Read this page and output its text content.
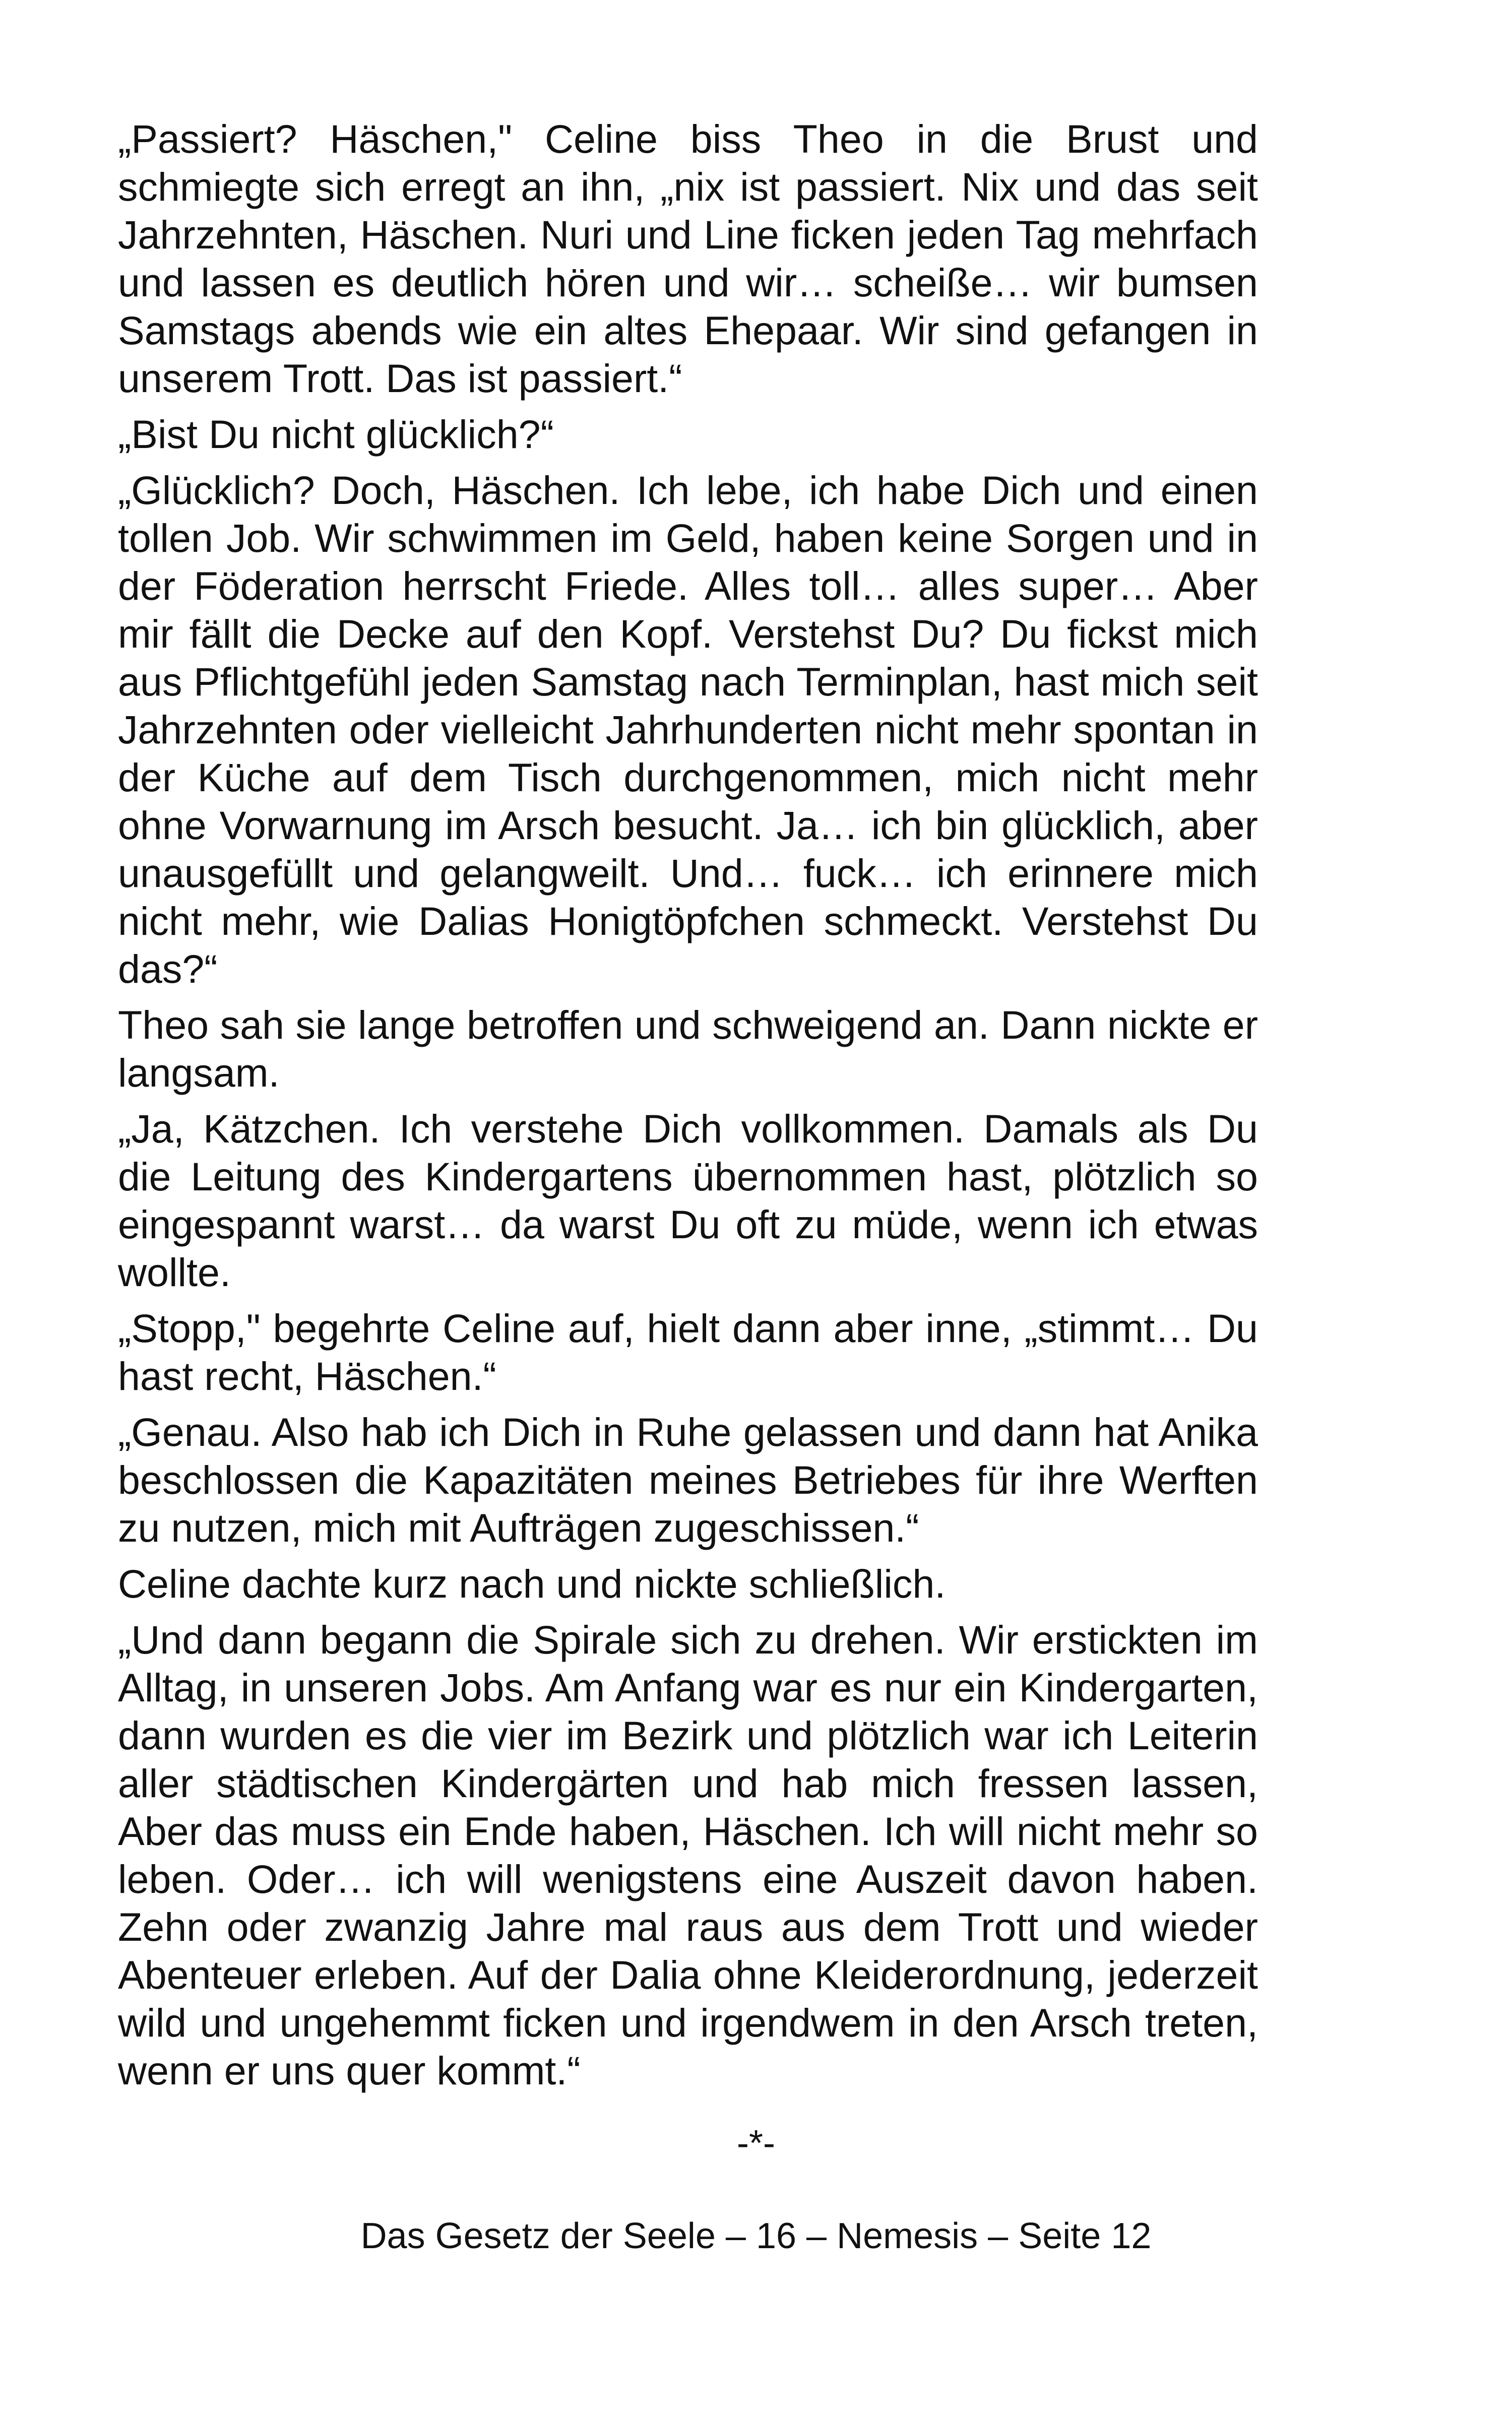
„Passiert? Häschen," Celine biss Theo in die Brust und schmiegte sich erregt an ihn, „nix ist passiert. Nix und das seit Jahrzehnten, Häschen. Nuri und Line ficken jeden Tag mehrfach und lassen es deutlich hören und wir… scheiße… wir bumsen Samstags abends wie ein altes Ehepaar. Wir sind gefangen in unserem Trott. Das ist passiert.“

„Bist Du nicht glücklich?“

„Glücklich? Doch, Häschen. Ich lebe, ich habe Dich und einen tollen Job. Wir schwimmen im Geld, haben keine Sorgen und in der Föderation herrscht Friede. Alles toll… alles super… Aber mir fällt die Decke auf den Kopf. Verstehst Du? Du fickst mich aus Pflichtgefühl jeden Samstag nach Terminplan, hast mich seit Jahrzehnten oder vielleicht Jahrhunderten nicht mehr spontan in der Küche auf dem Tisch durchgenommen, mich nicht mehr ohne Vorwarnung im Arsch besucht. Ja… ich bin glücklich, aber unausgefüllt und gelangweilt. Und… fuck… ich erinnere mich nicht mehr, wie Dalias Honigtöpfchen schmeckt. Verstehst Du das?“

Theo sah sie lange betroffen und schweigend an. Dann nickte er langsam.

„Ja, Kätzchen. Ich verstehe Dich vollkommen. Damals als Du die Leitung des Kindergartens übernommen hast, plötzlich so eingespannt warst… da warst Du oft zu müde, wenn ich etwas wollte.

„Stopp," begehrte Celine auf, hielt dann aber inne, „stimmt… Du hast recht, Häschen.“

„Genau. Also hab ich Dich in Ruhe gelassen und dann hat Anika beschlossen die Kapazitäten meines Betriebes für ihre Werften zu nutzen, mich mit Aufträgen zugeschissen.“

Celine dachte kurz nach und nickte schließlich.

„Und dann begann die Spirale sich zu drehen. Wir erstickten im Alltag, in unseren Jobs. Am Anfang war es nur ein Kindergarten, dann wurden es die vier im Bezirk und plötzlich war ich Leiterin aller städtischen Kindergärten und hab mich fressen lassen, Aber das muss ein Ende haben, Häschen. Ich will nicht mehr so leben. Oder… ich will wenigstens eine Auszeit davon haben. Zehn oder zwanzig Jahre mal raus aus dem Trott und wieder Abenteuer erleben. Auf der Dalia ohne Kleiderordnung, jederzeit wild und ungehemmt ficken und irgendwem in den Arsch treten, wenn er uns quer kommt.“

-*-
Das Gesetz der Seele – 16 – Nemesis – Seite 12
